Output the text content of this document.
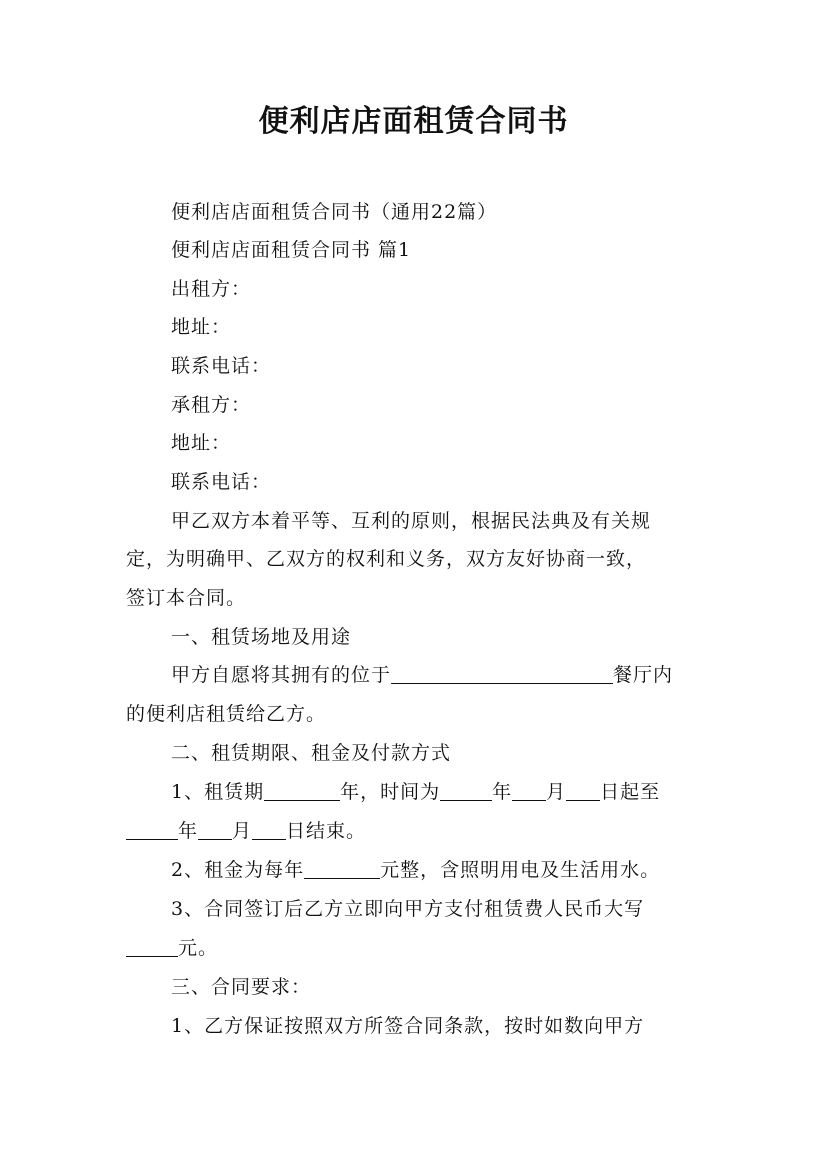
便利店店面租赁合同书
便利店店面租赁合同书（通用22篇）
便利店店面租赁合同书 篇1
出租方：
地址：
联系电话：
承租方：
地址：
联系电话：
甲乙双方本着平等、互利的原则，根据民法典及有关规
定，为明确甲、乙双方的权利和义务，双方友好协商一致，
签订本合同。
一、租赁场地及用途
甲方自愿将其拥有的位于	餐厅内
的便利店租赁给乙方。
二、租赁期限、租金及付款方式
1、租赁期	年，时间为	年 月 日起至
年 月 日结束。
2、租金为每年	元整，含照明用电及生活用水。
3、合同签订后乙方立即向甲方支付租赁费人民币大写
元。
三、合同要求：
1、乙方保证按照双方所签合同条款，按时如数向甲方
